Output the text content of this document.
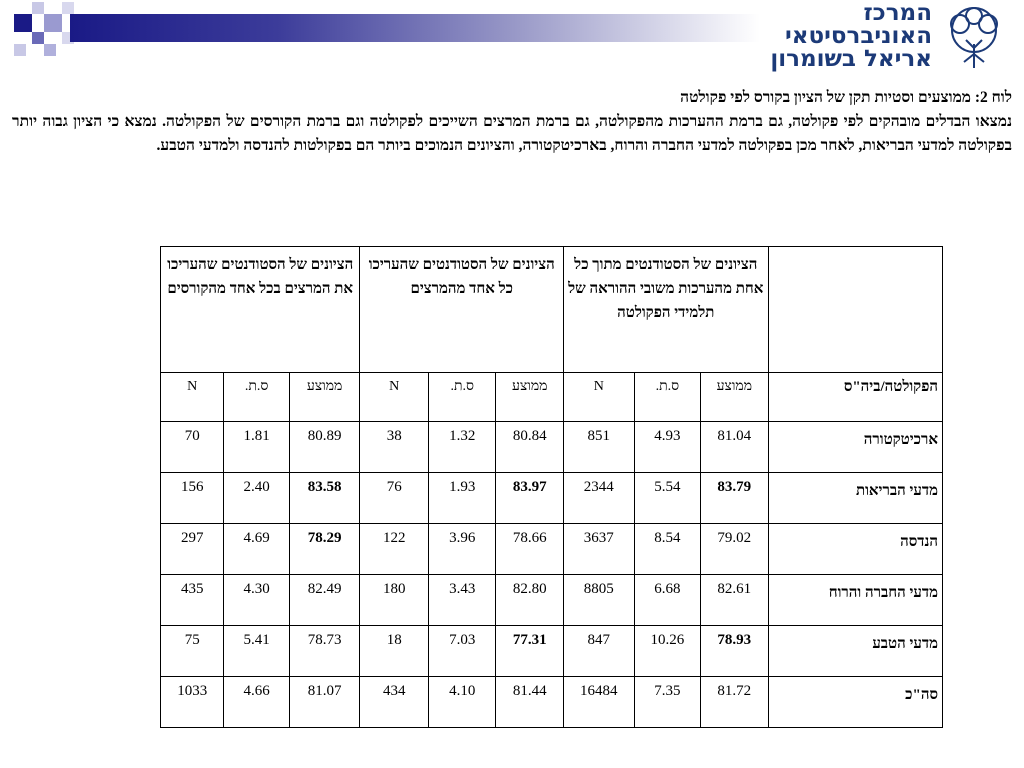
המרכז
האוניברסיטאי
אריאל בשומרון

לוח 2: ממוצעים וסטיות תקן של הציון בקורס לפי פקולטה

נמצאו הבדלים מובהקים לפי פקולטה, גם ברמת ההערכות מהפקולטה, גם ברמת המרצים השייכים לפקולטה וגם ברמת הקורסים של הפקולטה. נמצא כי הציון גבוה יותר בפקולטה למדעי הבריאות, לאחר מכן בפקולטה למדעי החברה והרוח, בארכיטקטורה, והציונים הנמוכים ביותר הם בפקולטות להנדסה ולמדעי הטבע.

	הציונים של הסטודנטים מתוך כל אחת מהערכות משובי ההוראה של תלמידי הפקולטה			הציונים של הסטודנטים שהעריכו כל אחד מהמרצים			הציונים של הסטודנטים שהעריכו את המרצים בכל אחד מהקורסים		
הפקולטה/ביה"ס	ממוצע	ס.ת.	N	ממוצע	ס.ת.	N	ממוצע	ס.ת.	N
ארכיטקטורה	81.04	4.93	851	80.84	1.32	38	80.89	1.81	70
מדעי הבריאות	83.79	5.54	2344	83.97	1.93	76	83.58	2.40	156
הנדסה	79.02	8.54	3637	78.66	3.96	122	78.29	4.69	297
מדעי החברה והרוח	82.61	6.68	8805	82.80	3.43	180	82.49	4.30	435
מדעי הטבע	78.93	10.26	847	77.31	7.03	18	78.73	5.41	75
סה"כ	81.72	7.35	16484	81.44	4.10	434	81.07	4.66	1033
